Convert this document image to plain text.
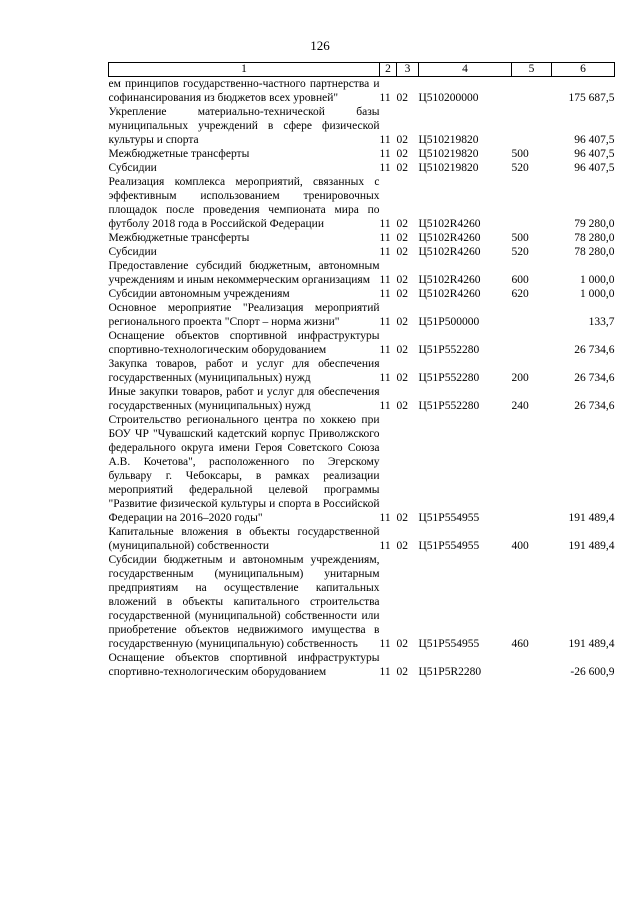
126
1	2	3	4	5	6
ем принципов государственно-частного партнерства и софинансирования из бюджетов всех уровней"	11	02	Ц510200000		175 687,5
Укрепление материально-технической базы муниципальных учреждений в сфере физической культуры и спорта	11	02	Ц510219820		96 407,5
Межбюджетные трансферты	11	02	Ц510219820	500	96 407,5
Субсидии	11	02	Ц510219820	520	96 407,5
Реализация комплекса мероприятий, связанных с эффективным использованием тренировочных площадок после проведения чемпионата мира по футболу 2018 года в Российской Федерации	11	02	Ц5102R4260		79 280,0
Межбюджетные трансферты	11	02	Ц5102R4260	500	78 280,0
Субсидии	11	02	Ц5102R4260	520	78 280,0
Предоставление субсидий бюджетным, автономным учреждениям и иным некоммерческим организациям	11	02	Ц5102R4260	600	1 000,0
Субсидии автономным учреждениям	11	02	Ц5102R4260	620	1 000,0
Основное мероприятие "Реализация мероприятий регионального проекта "Спорт – норма жизни"	11	02	Ц51P500000		133,7
Оснащение объектов спортивной инфраструктуры спортивно-технологическим оборудованием	11	02	Ц51P552280		26 734,6
Закупка товаров, работ и услуг для обеспечения государственных (муниципальных) нужд	11	02	Ц51P552280	200	26 734,6
Иные закупки товаров, работ и услуг для обеспечения государственных (муниципальных) нужд	11	02	Ц51P552280	240	26 734,6
Строительство регионального центра по хоккею при БОУ ЧР "Чувашский кадетский корпус Приволжского федерального округа имени Героя Советского Союза А.В. Кочетова", расположенного по Эгерскому бульвару г. Чебоксары, в рамках реализации мероприятий федеральной целевой программы "Развитие физической культуры и спорта в Российской Федерации на 2016–2020 годы"	11	02	Ц51P554955		191 489,4
Капитальные вложения в объекты государственной (муниципальной) собственности	11	02	Ц51P554955	400	191 489,4
Субсидии бюджетным и автономным учреждениям, государственным (муниципальным) унитарным предприятиям на осуществление капитальных вложений в объекты капитального строительства государственной (муниципальной) собственности или приобретение объектов недвижимого имущества в государственную (муниципальную) собственность	11	02	Ц51P554955	460	191 489,4
Оснащение объектов спортивной инфраструктуры спортивно-технологическим оборудованием	11	02	Ц51P5R2280		-26 600,9
